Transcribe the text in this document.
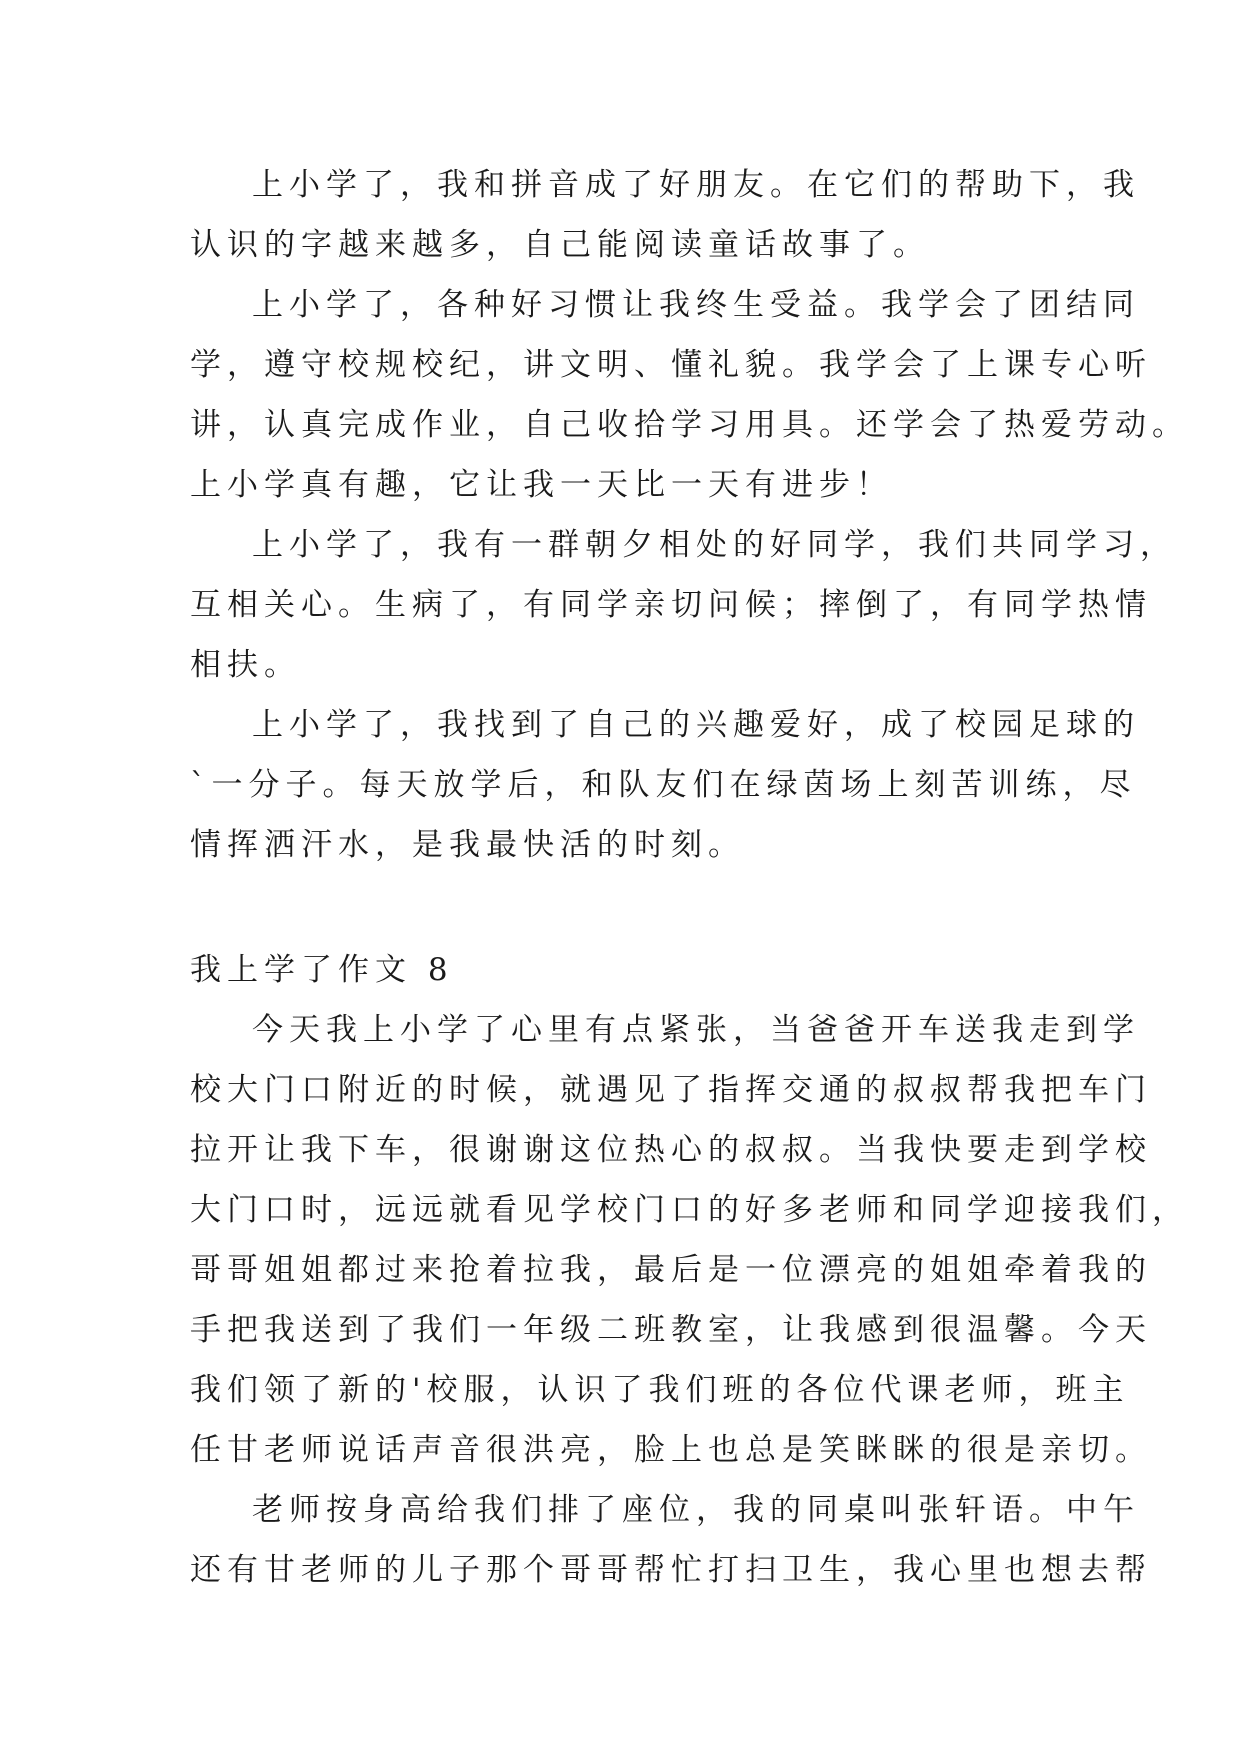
上小学了，我和拼音成了好朋友。在它们的帮助下，我
认识的字越来越多，自己能阅读童话故事了。
上小学了，各种好习惯让我终生受益。我学会了团结同
学，遵守校规校纪，讲文明、懂礼貌。我学会了上课专心听
讲，认真完成作业，自己收拾学习用具。还学会了热爱劳动。
上小学真有趣，它让我一天比一天有进步！
上小学了，我有一群朝夕相处的好同学，我们共同学习，
互相关心。生病了，有同学亲切问候；摔倒了，有同学热情
相扶。
上小学了，我找到了自己的兴趣爱好，成了校园足球的
`一分子。每天放学后，和队友们在绿茵场上刻苦训练，尽
情挥洒汗水，是我最快活的时刻。
我上学了作文 8
今天我上小学了心里有点紧张，当爸爸开车送我走到学
校大门口附近的时候，就遇见了指挥交通的叔叔帮我把车门
拉开让我下车，很谢谢这位热心的叔叔。当我快要走到学校
大门口时，远远就看见学校门口的好多老师和同学迎接我们，
哥哥姐姐都过来抢着拉我，最后是一位漂亮的姐姐牵着我的
手把我送到了我们一年级二班教室，让我感到很温馨。今天
我们领了新的'校服，认识了我们班的各位代课老师，班主
任甘老师说话声音很洪亮，脸上也总是笑眯眯的很是亲切。
老师按身高给我们排了座位，我的同桌叫张轩语。中午
还有甘老师的儿子那个哥哥帮忙打扫卫生，我心里也想去帮
